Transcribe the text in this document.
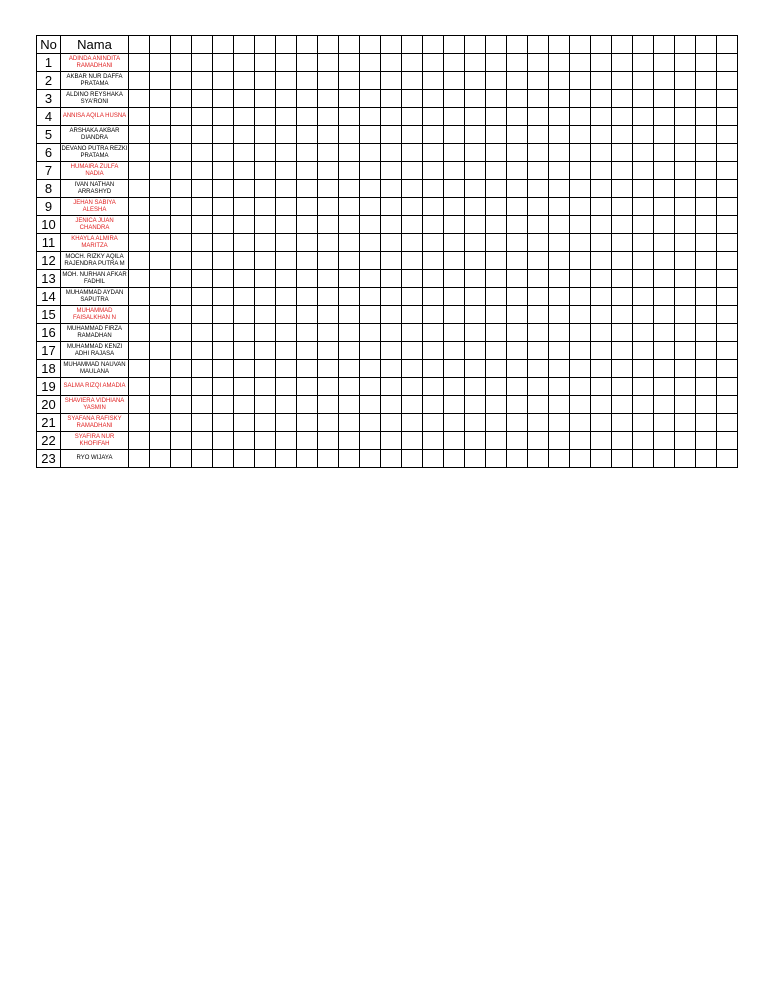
No	Nama																													
1	ADINDA ANINDITA RAMADHANI																													
2	AKBAR NUR DAFFA PRATAMA																													
3	ALDINO REYSHAKA SYA'RONI																													
4	ANNISA AQILA HUSNA																													
5	ARSHAKA AKBAR DIANDRA																													
6	DEVANO PUTRA REZKI PRATAMA																													
7	HUMAIRA ZULFA NADIA																													
8	IVAN NATHAN ARRASHYD																													
9	JEHAN SABIYA ALESHA																													
10	JENICA JUAN CHANDRA																													
11	KHAYLA ALMIRA MARITZA																													
12	MOCH. RIZKY AQILA RAJENDRA PUTRA M																													
13	MOH. NURHAN AFKAR FADHIL																													
14	MUHAMMAD AYDAN SAPUTRA																													
15	MUHAMMAD FAISALKHAN N																													
16	MUHAMMAD FIRZA RAMADHAN																													
17	MUHAMMAD KENZI ADHI RAJASA																													
18	MUHAMMAD NAUVAN MAULANA																													
19	SALMA RIZQI AMADIA																													
20	SHAVIERA VIDHIANA YASMIN																													
21	SYAFANA RAFISKY RAMADHANI																													
22	SYAFIRA NUR KHOFIFAH																													
23	RYO WIJAYA																													
